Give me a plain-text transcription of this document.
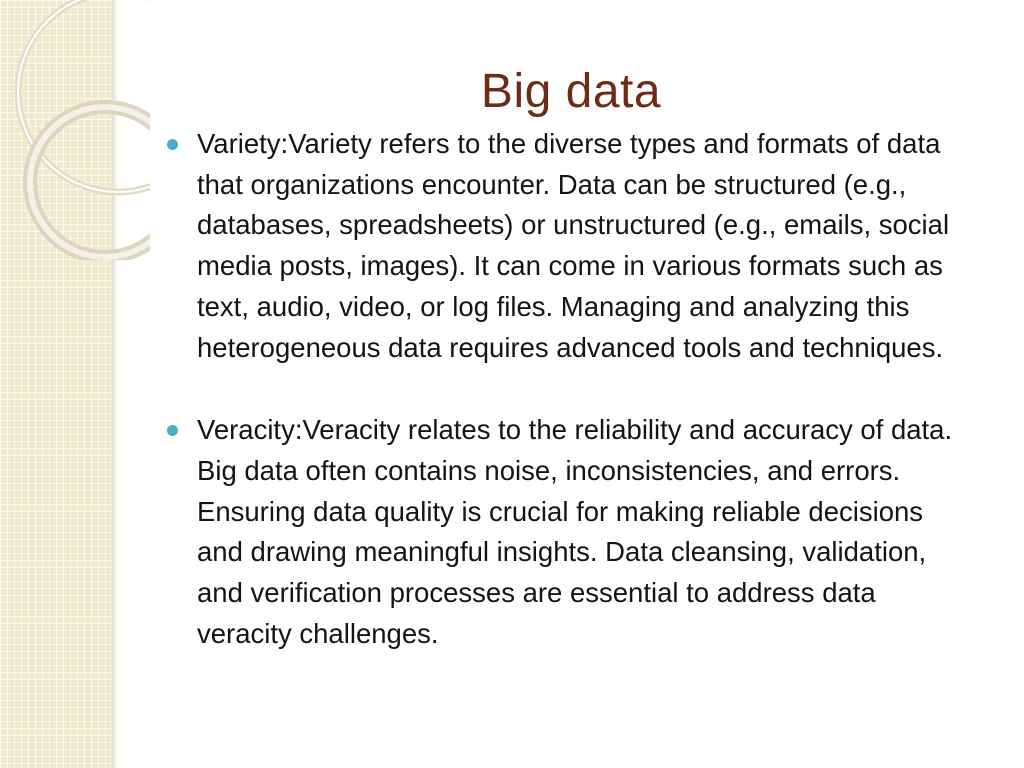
Big data
Variety:Variety refers to the diverse types and formats of data that organizations encounter. Data can be structured (e.g., databases, spreadsheets) or unstructured (e.g., emails, social media posts, images). It can come in various formats such as text, audio, video, or log files. Managing and analyzing this heterogeneous data requires advanced tools and techniques.
Veracity:Veracity relates to the reliability and accuracy of data. Big data often contains noise, inconsistencies, and errors. Ensuring data quality is crucial for making reliable decisions and drawing meaningful insights. Data cleansing, validation, and verification processes are essential to address data veracity challenges.
